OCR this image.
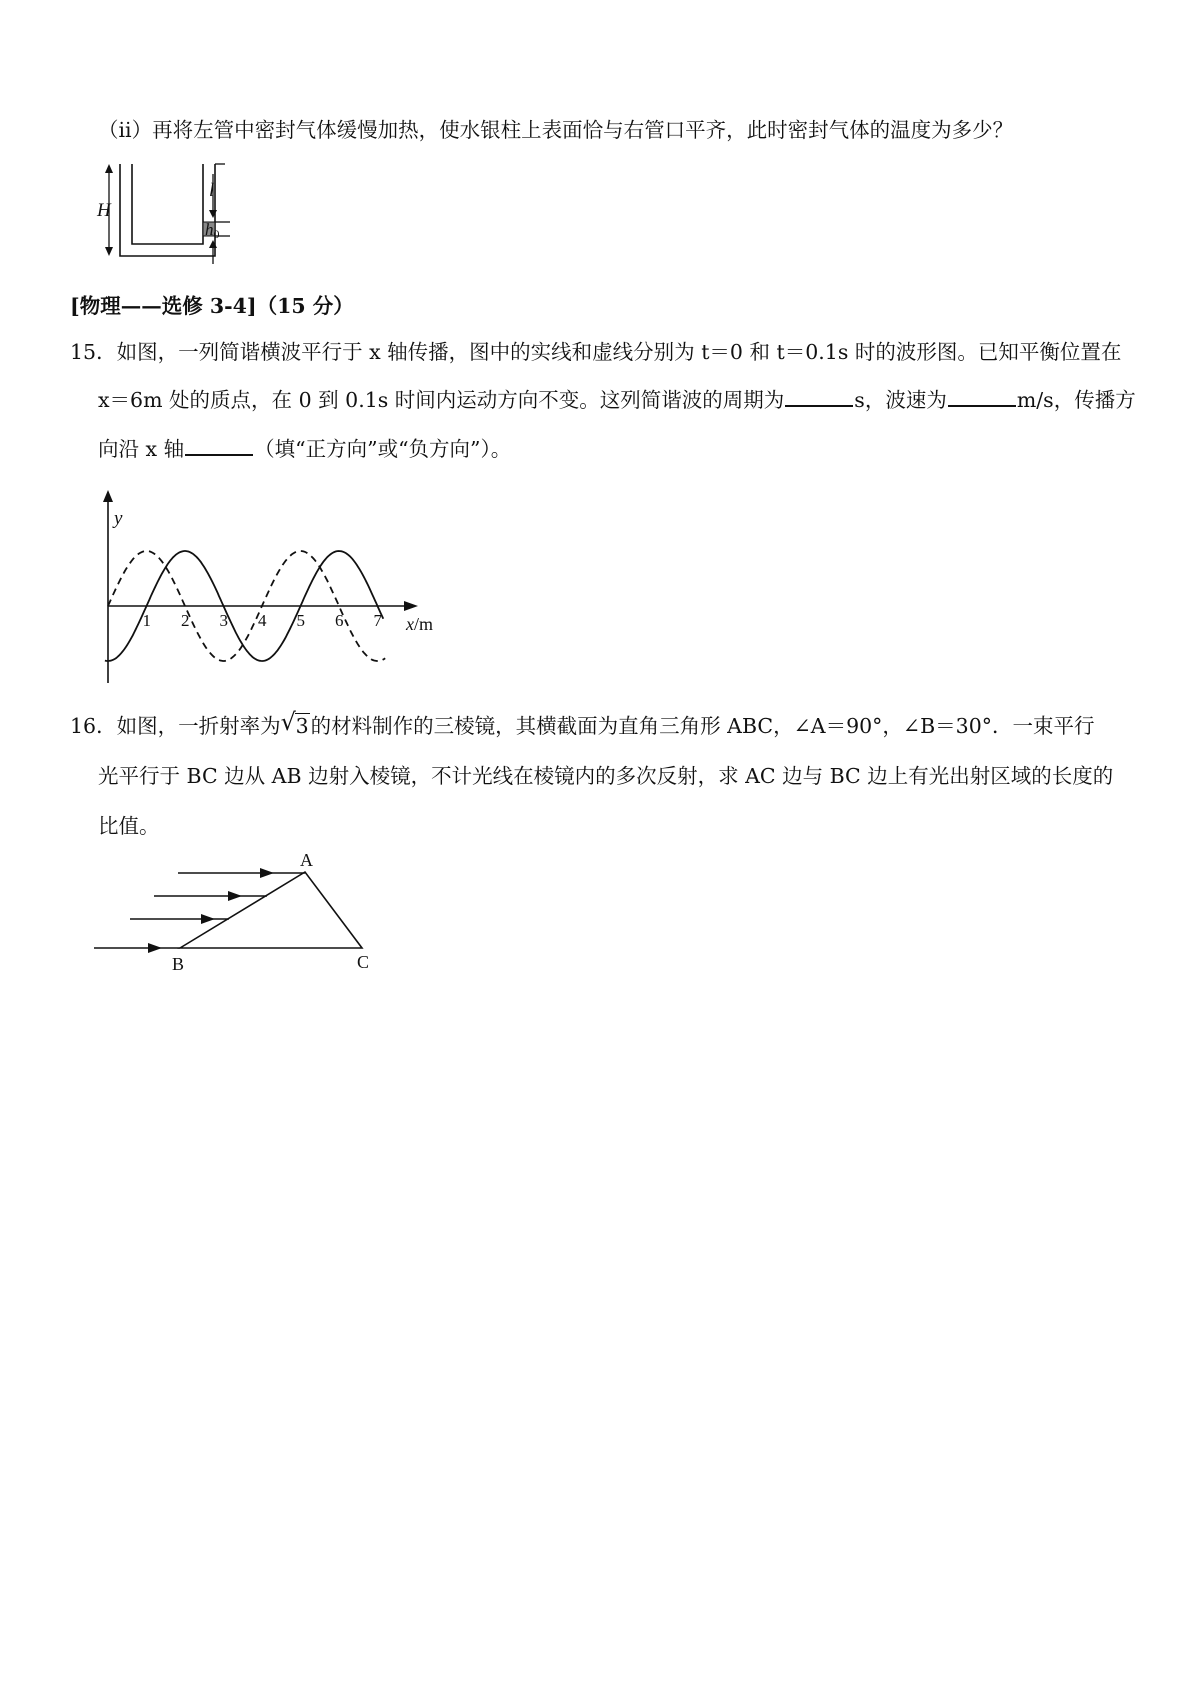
（ii）再将左管中密封气体缓慢加热，使水银柱上表面恰与右管口平齐，此时密封气体的温度为多少？
H
l
h0
[物理——选修 3-4]（15 分）
15．如图，一列简谐横波平行于 x 轴传播，图中的实线和虚线分别为 t＝0 和 t＝0.1s 时的波形图。已知平衡位置在
x＝6m 处的质点，在 0 到 0.1s 时间内运动方向不变。这列简谐波的周期为	s，波速为	m/s，传播方
向沿 x 轴	（填“正方向”或“负方向”）。
y
x/m
1 2 3 4 5 6 7
16．如图，一折射率为 √ 3的材料制作的三棱镜，其横截面为直角三角形 ABC，∠A＝90°，∠B＝30°．一束平行
光平行于 BC 边从 AB 边射入棱镜，不计光线在棱镜内的多次反射，求 AC 边与 BC 边上有光出射区域的长度的
比值。
A
B	C
